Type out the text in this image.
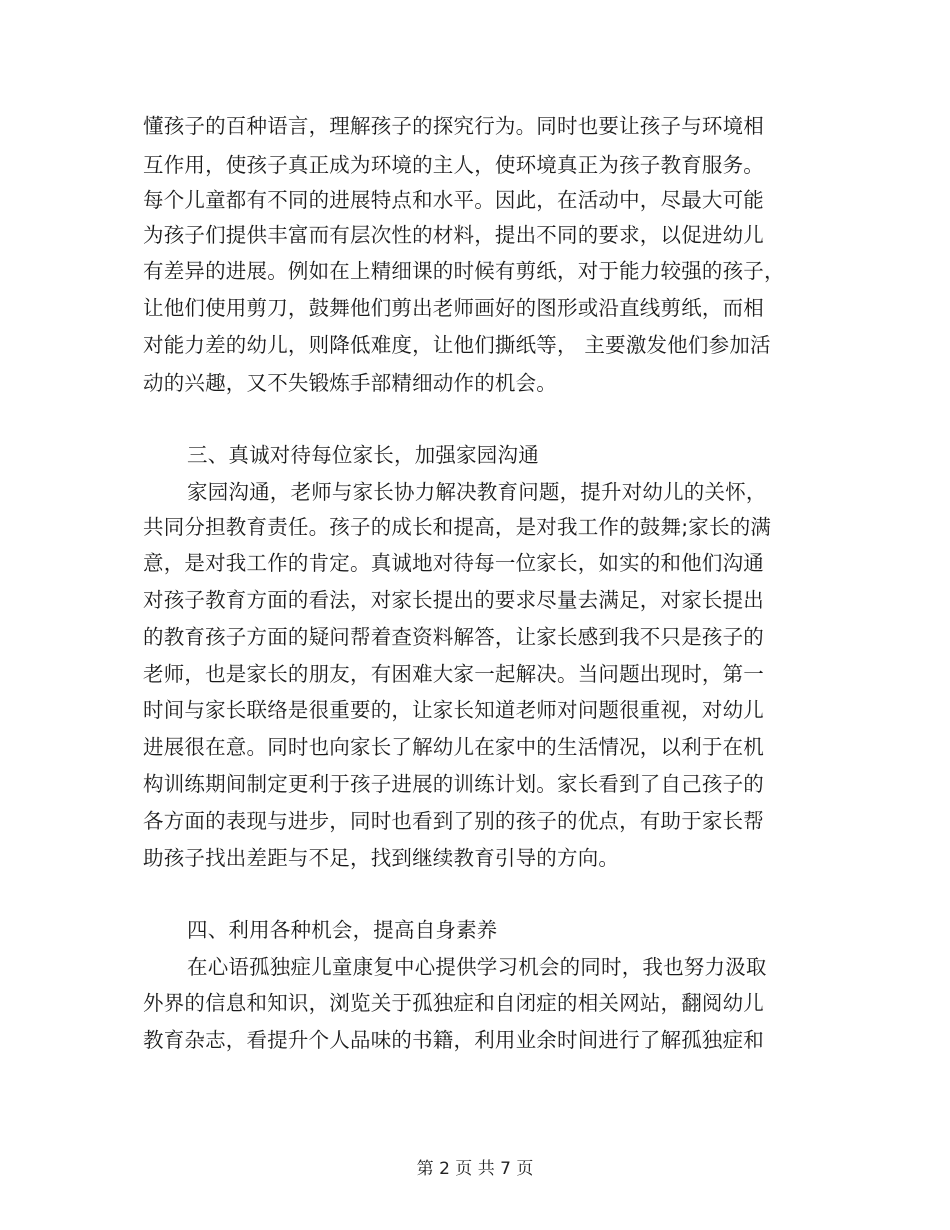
懂孩子的百种语言，理解孩子的探究行为。同时也要让孩子与环境相
互作用，使孩子真正成为环境的主人，使环境真正为孩子教育服务。
每个儿童都有不同的进展特点和水平。因此，在活动中，尽最大可能
为孩子们提供丰富而有层次性的材料，提出不同的要求，以促进幼儿
有差异的进展。例如在上精细课的时候有剪纸，对于能力较强的孩子，
让他们使用剪刀，鼓舞他们剪出老师画好的图形或沿直线剪纸，而相
对能力差的幼儿，则降低难度，让他们撕纸等， 主要激发他们参加活
动的兴趣，又不失锻炼手部精细动作的机会。
三、真诚对待每位家长，加强家园沟通
家园沟通，老师与家长协力解决教育问题，提升对幼儿的关怀，
共同分担教育责任。孩子的成长和提高，是对我工作的鼓舞;家长的满
意，是对我工作的肯定。真诚地对待每一位家长，如实的和他们沟通
对孩子教育方面的看法，对家长提出的要求尽量去满足，对家长提出
的教育孩子方面的疑问帮着查资料解答，让家长感到我不只是孩子的
老师，也是家长的朋友，有困难大家一起解决。当问题出现时，第一
时间与家长联络是很重要的，让家长知道老师对问题很重视，对幼儿
进展很在意。同时也向家长了解幼儿在家中的生活情况，以利于在机
构训练期间制定更利于孩子进展的训练计划。家长看到了自己孩子的
各方面的表现与进步，同时也看到了别的孩子的优点，有助于家长帮
助孩子找出差距与不足，找到继续教育引导的方向。
四、利用各种机会，提高自身素养
在心语孤独症儿童康复中心提供学习机会的同时，我也努力汲取
外界的信息和知识，浏览关于孤独症和自闭症的相关网站，翻阅幼儿
教育杂志，看提升个人品味的书籍，利用业余时间进行了解孤独症和
第 2 页 共 7 页
